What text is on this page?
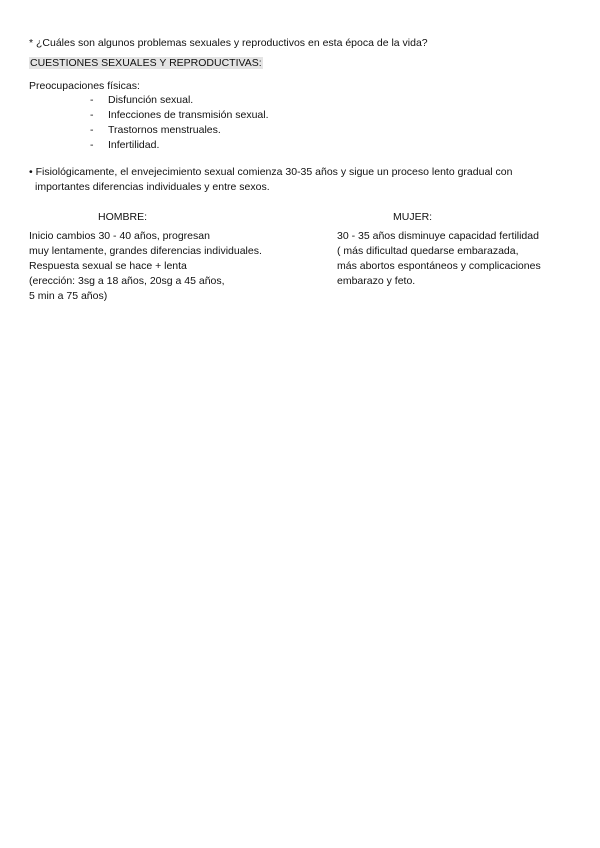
* ¿Cuáles son algunos problemas sexuales y reproductivos en esta época de la vida?
CUESTIONES SEXUALES Y REPRODUCTIVAS:
Preocupaciones físicas:
- Disfunción sexual.
- Infecciones de transmisión sexual.
- Trastornos menstruales.
- Infertilidad.
• Fisiológicamente, el envejecimiento sexual comienza 30-35 años y sigue un proceso lento gradual con
importantes diferencias individuales y entre sexos.
HOMBRE:	MUJER:
Inicio cambios 30 - 40 años, progresan
muy lentamente, grandes diferencias individuales.
Respuesta sexual se hace + lenta
(erección: 3sg a 18 años, 20sg a 45 años,
5 min a 75 años)
30 - 35 años disminuye capacidad fertilidad
( más dificultad quedarse embarazada,
más abortos espontáneos y complicaciones
embarazo y feto.
